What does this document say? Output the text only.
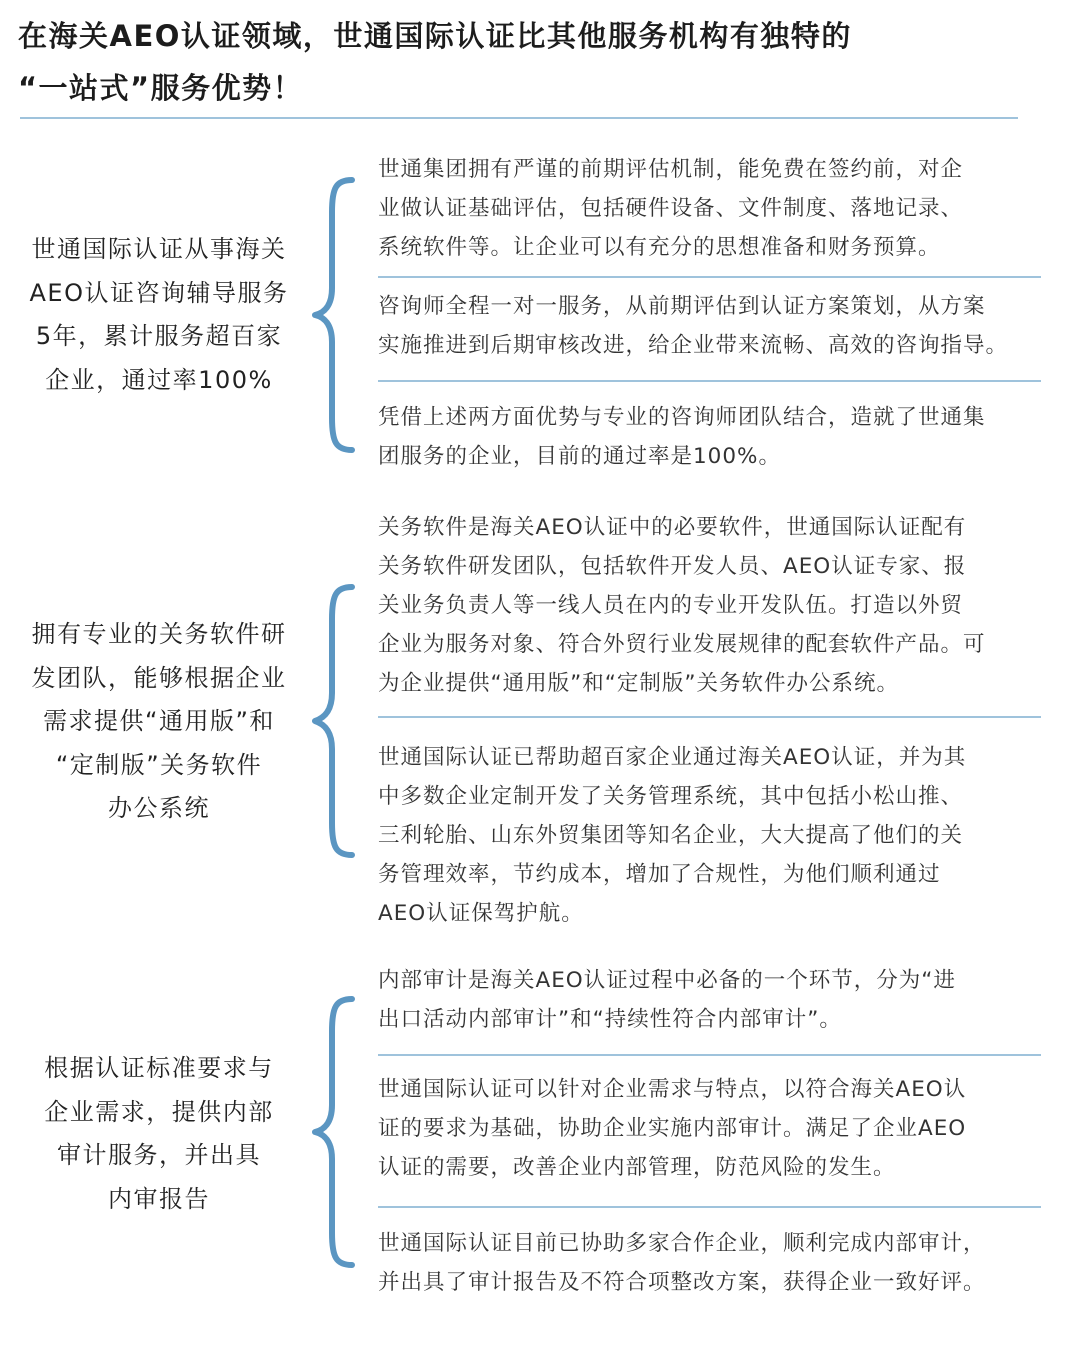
在海关AEO认证领域，世通国际认证比其他服务机构有独特的
“一站式”服务优势！
世通国际认证从事海关
AEO认证咨询辅导服务
5年，累计服务超百家
企业，通过率100%
世通集团拥有严谨的前期评估机制，能免费在签约前，对企
业做认证基础评估，包括硬件设备、文件制度、落地记录、
系统软件等。让企业可以有充分的思想准备和财务预算。
咨询师全程一对一服务，从前期评估到认证方案策划，从方案
实施推进到后期审核改进，给企业带来流畅、高效的咨询指导。
凭借上述两方面优势与专业的咨询师团队结合，造就了世通集
团服务的企业，目前的通过率是100%。
拥有专业的关务软件研
发团队，能够根据企业
需求提供“通用版”和
“定制版”关务软件
办公系统
关务软件是海关AEO认证中的必要软件，世通国际认证配有
关务软件研发团队，包括软件开发人员、AEO认证专家、报
关业务负责人等一线人员在内的专业开发队伍。打造以外贸
企业为服务对象、符合外贸行业发展规律的配套软件产品。可
为企业提供“通用版”和“定制版”关务软件办公系统。
世通国际认证已帮助超百家企业通过海关AEO认证，并为其
中多数企业定制开发了关务管理系统，其中包括小松山推、
三利轮胎、山东外贸集团等知名企业，大大提高了他们的关
务管理效率，节约成本，增加了合规性，为他们顺利通过
AEO认证保驾护航。
根据认证标准要求与
企业需求，提供内部
审计服务，并出具
内审报告
内部审计是海关AEO认证过程中必备的一个环节，分为“进
出口活动内部审计”和“持续性符合内部审计”。
世通国际认证可以针对企业需求与特点，以符合海关AEO认
证的要求为基础，协助企业实施内部审计。满足了企业AEO
认证的需要，改善企业内部管理，防范风险的发生。
世通国际认证目前已协助多家合作企业，顺利完成内部审计，
并出具了审计报告及不符合项整改方案，获得企业一致好评。
